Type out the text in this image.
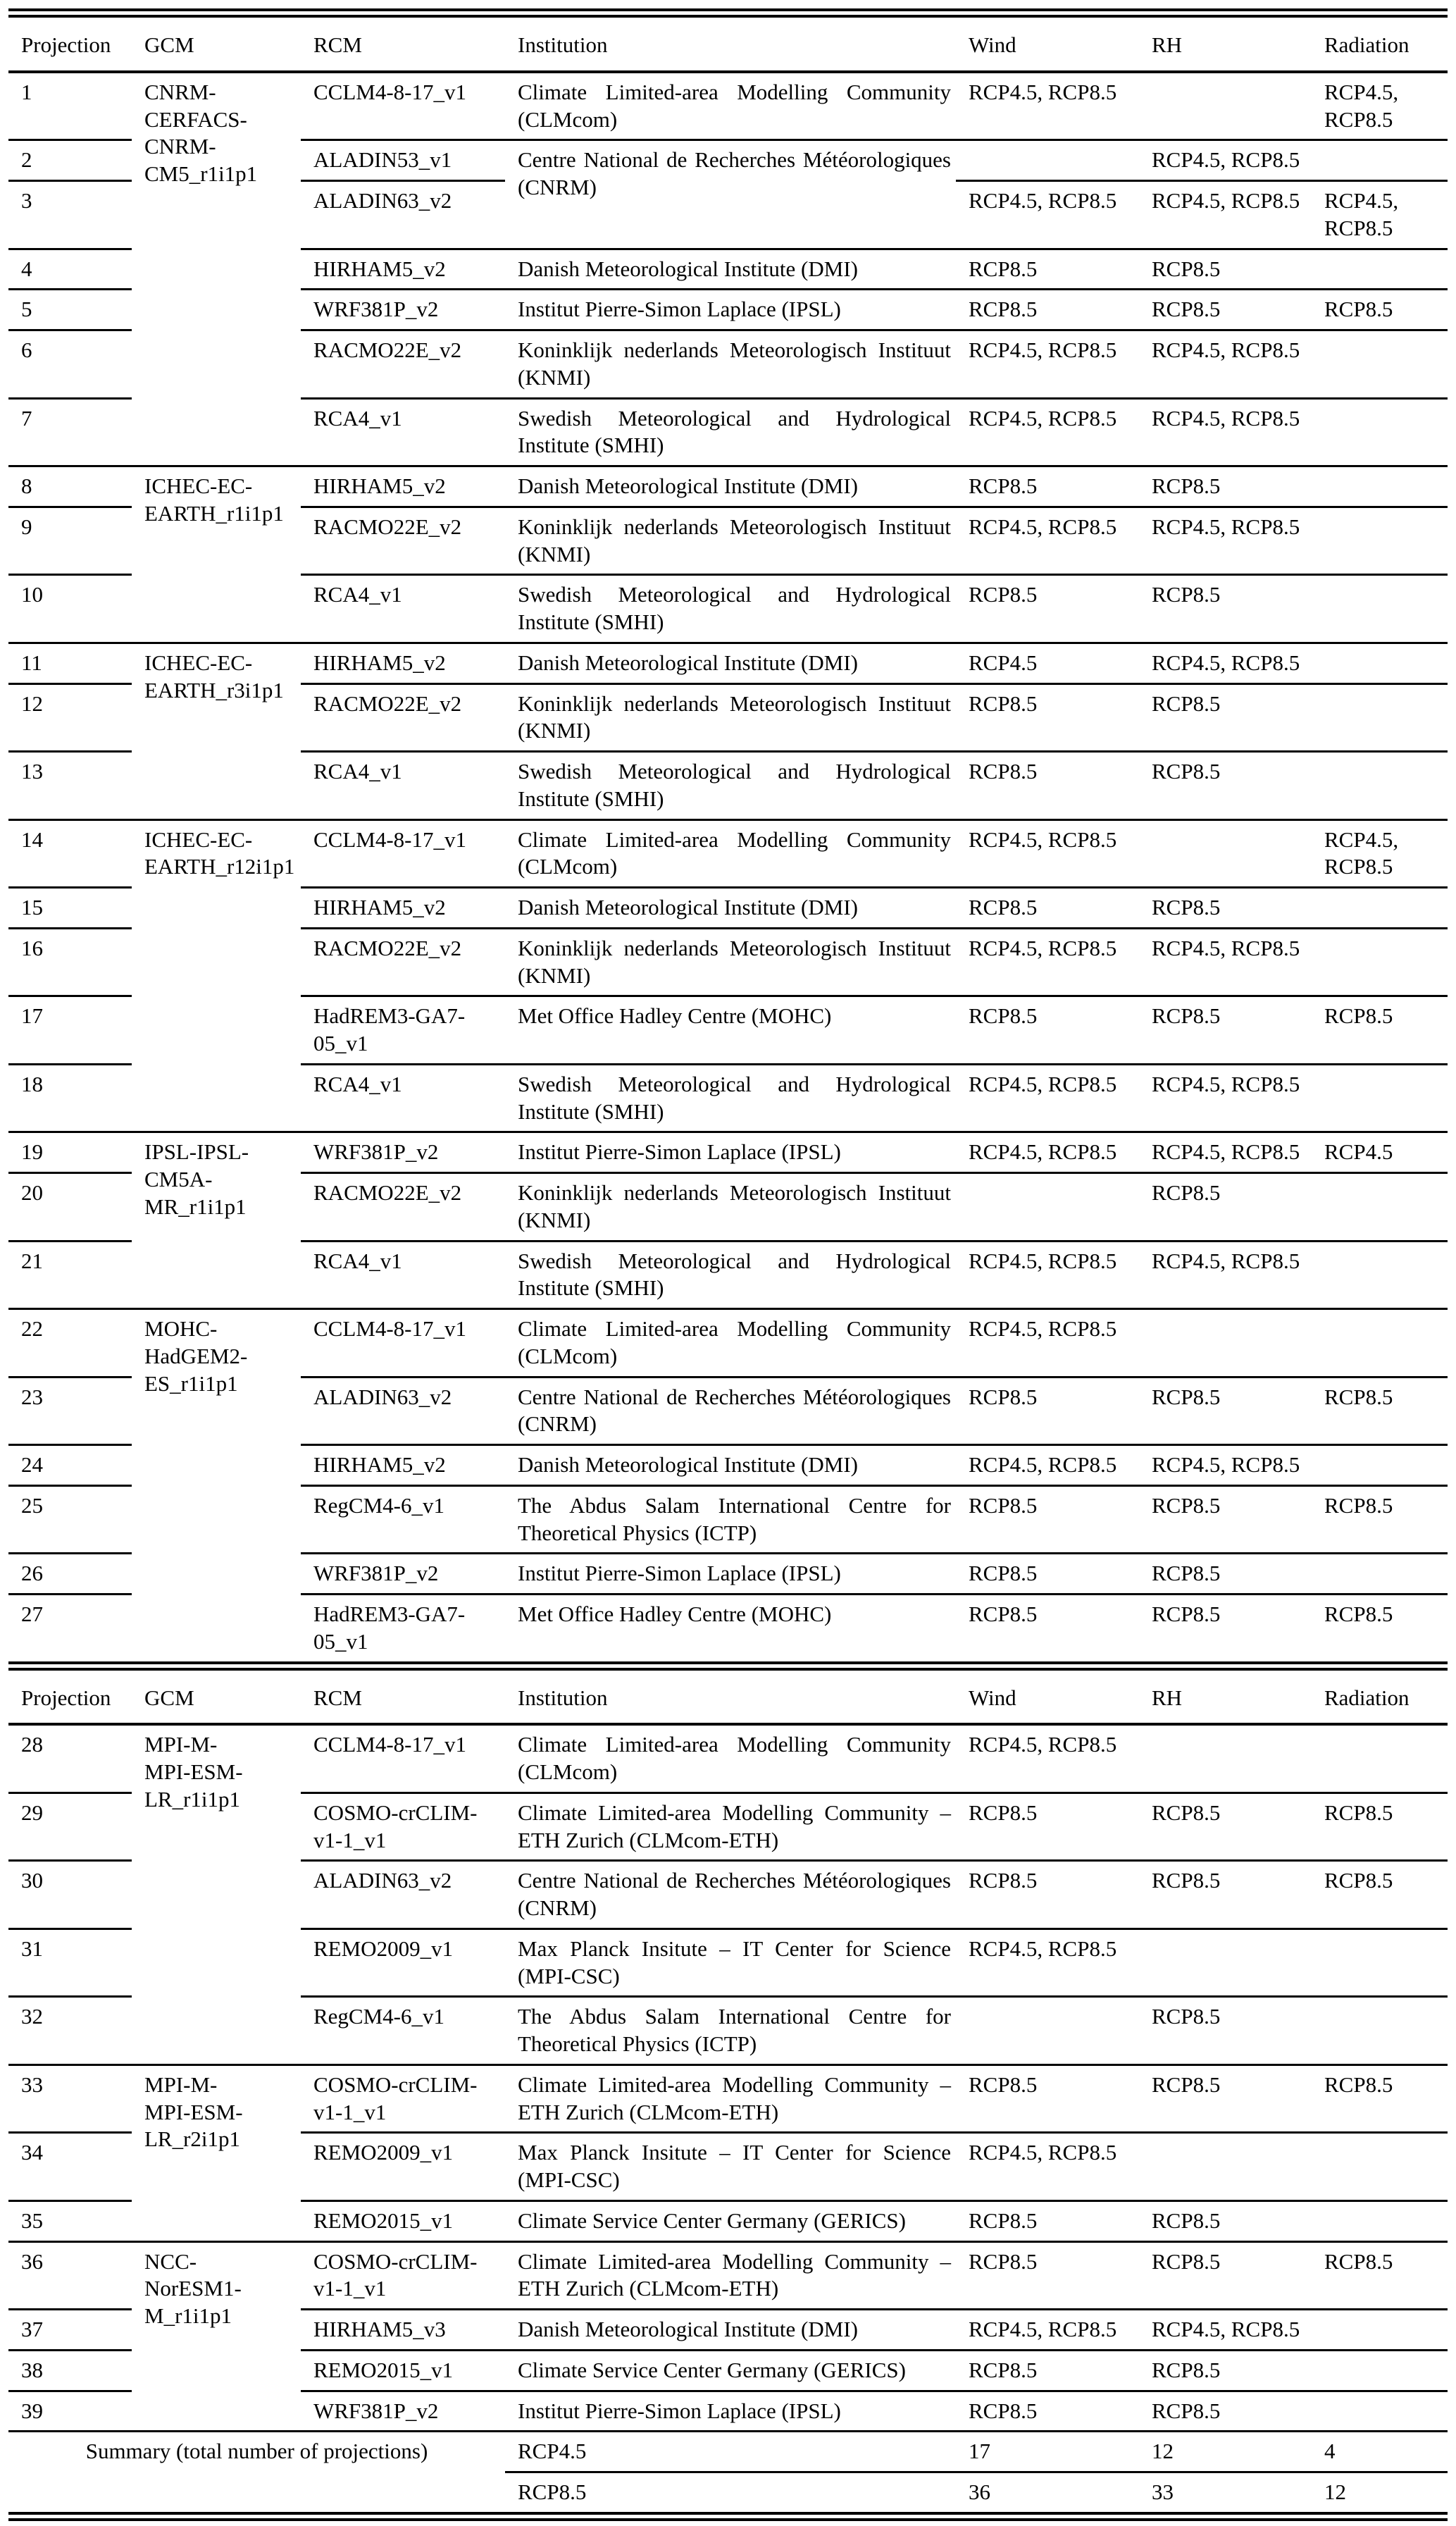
Projection	GCM	RCM	Institution	Wind	RH	Radiation
1	CNRM-CERFACS-CNRM-CM5_r1i1p1	CCLM4-8-17_v1	Climate Limited-area Modelling Community (CLMcom)	RCP4.5, RCP8.5		RCP4.5, RCP8.5
2		ALADIN53_v1	Centre National de Recherches Météorologiques (CNRM)		RCP4.5, RCP8.5	
3		ALADIN63_v2		RCP4.5, RCP8.5	RCP4.5, RCP8.5	RCP4.5, RCP8.5
4		HIRHAM5_v2	Danish Meteorological Institute (DMI)	RCP8.5	RCP8.5	
5		WRF381P_v2	Institut Pierre-Simon Laplace (IPSL)	RCP8.5	RCP8.5	RCP8.5
6		RACMO22E_v2	Koninklijk nederlands Meteorologisch Instituut (KNMI)	RCP4.5, RCP8.5	RCP4.5, RCP8.5	
7		RCA4_v1	Swedish Meteorological and Hydrological Institute (SMHI)	RCP4.5, RCP8.5	RCP4.5, RCP8.5	
8	ICHEC-EC-EARTH_r1i1p1	HIRHAM5_v2	Danish Meteorological Institute (DMI)	RCP8.5	RCP8.5	
9		RACMO22E_v2	Koninklijk nederlands Meteorologisch Instituut (KNMI)	RCP4.5, RCP8.5	RCP4.5, RCP8.5	
10		RCA4_v1	Swedish Meteorological and Hydrological Institute (SMHI)	RCP8.5	RCP8.5	
11	ICHEC-EC-EARTH_r3i1p1	HIRHAM5_v2	Danish Meteorological Institute (DMI)	RCP4.5	RCP4.5, RCP8.5	
12		RACMO22E_v2	Koninklijk nederlands Meteorologisch Instituut (KNMI)	RCP8.5	RCP8.5	
13		RCA4_v1	Swedish Meteorological and Hydrological Institute (SMHI)	RCP8.5	RCP8.5	
14	ICHEC-EC-EARTH_r12i1p1	CCLM4-8-17_v1	Climate Limited-area Modelling Community (CLMcom)	RCP4.5, RCP8.5		RCP4.5, RCP8.5
15		HIRHAM5_v2	Danish Meteorological Institute (DMI)	RCP8.5	RCP8.5	
16		RACMO22E_v2	Koninklijk nederlands Meteorologisch Instituut (KNMI)	RCP4.5, RCP8.5	RCP4.5, RCP8.5	
17		HadREM3-GA7-05_v1	Met Office Hadley Centre (MOHC)	RCP8.5	RCP8.5	RCP8.5
18		RCA4_v1	Swedish Meteorological and Hydrological Institute (SMHI)	RCP4.5, RCP8.5	RCP4.5, RCP8.5	
19	IPSL-IPSL-CM5A-MR_r1i1p1	WRF381P_v2	Institut Pierre-Simon Laplace (IPSL)	RCP4.5, RCP8.5	RCP4.5, RCP8.5	RCP4.5
20		RACMO22E_v2	Koninklijk nederlands Meteorologisch Instituut (KNMI)		RCP8.5	
21		RCA4_v1	Swedish Meteorological and Hydrological Institute (SMHI)	RCP4.5, RCP8.5	RCP4.5, RCP8.5	
22	MOHC-HadGEM2-ES_r1i1p1	CCLM4-8-17_v1	Climate Limited-area Modelling Community (CLMcom)	RCP4.5, RCP8.5		
23		ALADIN63_v2	Centre National de Recherches Météorologiques (CNRM)	RCP8.5	RCP8.5	RCP8.5
24		HIRHAM5_v2	Danish Meteorological Institute (DMI)	RCP4.5, RCP8.5	RCP4.5, RCP8.5	
25		RegCM4-6_v1	The Abdus Salam International Centre for Theoretical Physics (ICTP)	RCP8.5	RCP8.5	RCP8.5
26		WRF381P_v2	Institut Pierre-Simon Laplace (IPSL)	RCP8.5	RCP8.5	
27		HadREM3-GA7-05_v1	Met Office Hadley Centre (MOHC)	RCP8.5	RCP8.5	RCP8.5
Projection	GCM	RCM	Institution	Wind	RH	Radiation
28	MPI-M-MPI-ESM-LR_r1i1p1	CCLM4-8-17_v1	Climate Limited-area Modelling Community (CLMcom)	RCP4.5, RCP8.5		
29		COSMO-crCLIM-v1-1_v1	Climate Limited-area Modelling Community – ETH Zurich (CLMcom-ETH)	RCP8.5	RCP8.5	RCP8.5
30		ALADIN63_v2	Centre National de Recherches Météorologiques (CNRM)	RCP8.5	RCP8.5	RCP8.5
31		REMO2009_v1	Max Planck Insitute – IT Center for Science (MPI-CSC)	RCP4.5, RCP8.5		
32		RegCM4-6_v1	The Abdus Salam International Centre for Theoretical Physics (ICTP)		RCP8.5	
33	MPI-M-MPI-ESM-LR_r2i1p1	COSMO-crCLIM-v1-1_v1	Climate Limited-area Modelling Community – ETH Zurich (CLMcom-ETH)	RCP8.5	RCP8.5	RCP8.5
34		REMO2009_v1	Max Planck Insitute – IT Center for Science (MPI-CSC)	RCP4.5, RCP8.5		
35		REMO2015_v1	Climate Service Center Germany (GERICS)	RCP8.5	RCP8.5	
36	NCC-NorESM1-M_r1i1p1	COSMO-crCLIM-v1-1_v1	Climate Limited-area Modelling Community – ETH Zurich (CLMcom-ETH)	RCP8.5	RCP8.5	RCP8.5
37		HIRHAM5_v3	Danish Meteorological Institute (DMI)	RCP4.5, RCP8.5	RCP4.5, RCP8.5	
38		REMO2015_v1	Climate Service Center Germany (GERICS)	RCP8.5	RCP8.5	
39		WRF381P_v2	Institut Pierre-Simon Laplace (IPSL)	RCP8.5	RCP8.5	
Summary (total number of projections)			RCP4.5	17	12	4
			RCP8.5	36	33	12
